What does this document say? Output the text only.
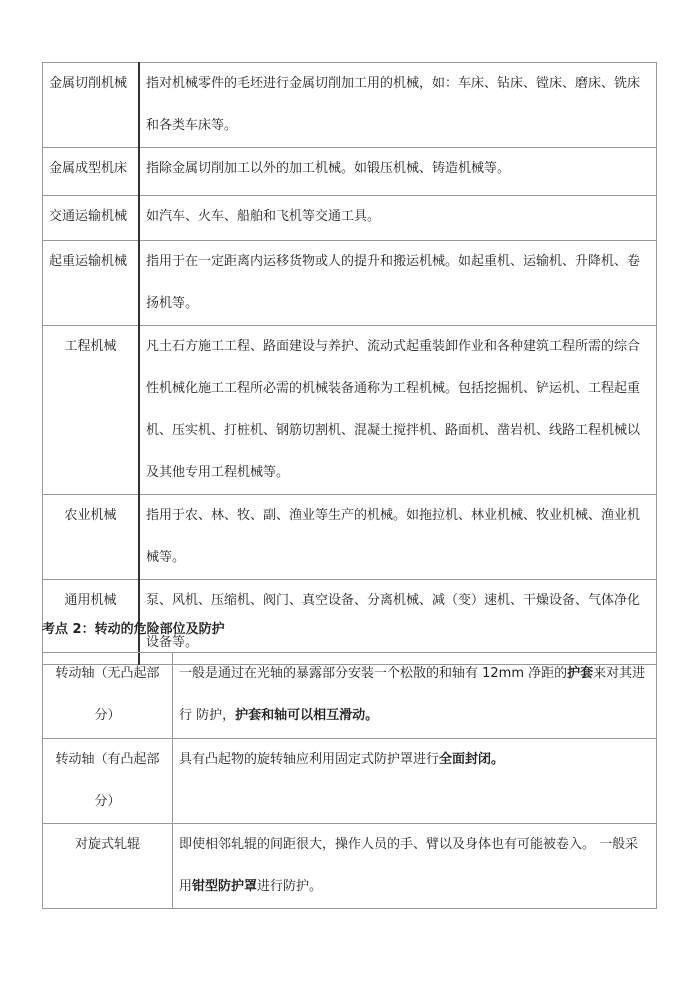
金属切削机械	指对机械零件的毛坯进行金属切削加工用的机械，如：车床、钻床、镗床、磨床、铣床和各类车床等。
金属成型机床	指除金属切削加工以外的加工机械。如锻压机械、铸造机械等。
交通运输机械	如汽车、火车、船舶和飞机等交通工具。
起重运输机械	指用于在一定距离内运移货物或人的提升和搬运机械。如起重机、运输机、升降机、卷扬机等。
工程机械	凡土石方施工工程、路面建设与养护、流动式起重装卸作业和各种建筑工程所需的综合性机械化施工工程所必需的机械装备通称为工程机械。包括挖掘机、铲运机、工程起重机、压实机、打桩机、钢筋切割机、混凝土搅拌机、路面机、凿岩机、线路工程机械以及其他专用工程机械等。
农业机械	指用于农、林、牧、副、渔业等生产的机械。如拖拉机、林业机械、牧业机械、渔业机械等。
通用机械	泵、风机、压缩机、阀门、真空设备、分离机械、减（变）速机、干燥设备、气体净化设备等。
考点 2：转动的危险部位及防护
转动轴（无凸起部分）	一般是通过在光轴的暴露部分安装一个松散的和轴有 12mm 净距的护套来对其进行 防护，护套和轴可以相互滑动。
转动轴（有凸起部分）	具有凸起物的旋转轴应利用固定式防护罩进行全面封闭。
对旋式轧辊	即使相邻轧辊的间距很大，操作人员的手、臂以及身体也有可能被卷入。 一般采用钳型防护罩进行防护。
